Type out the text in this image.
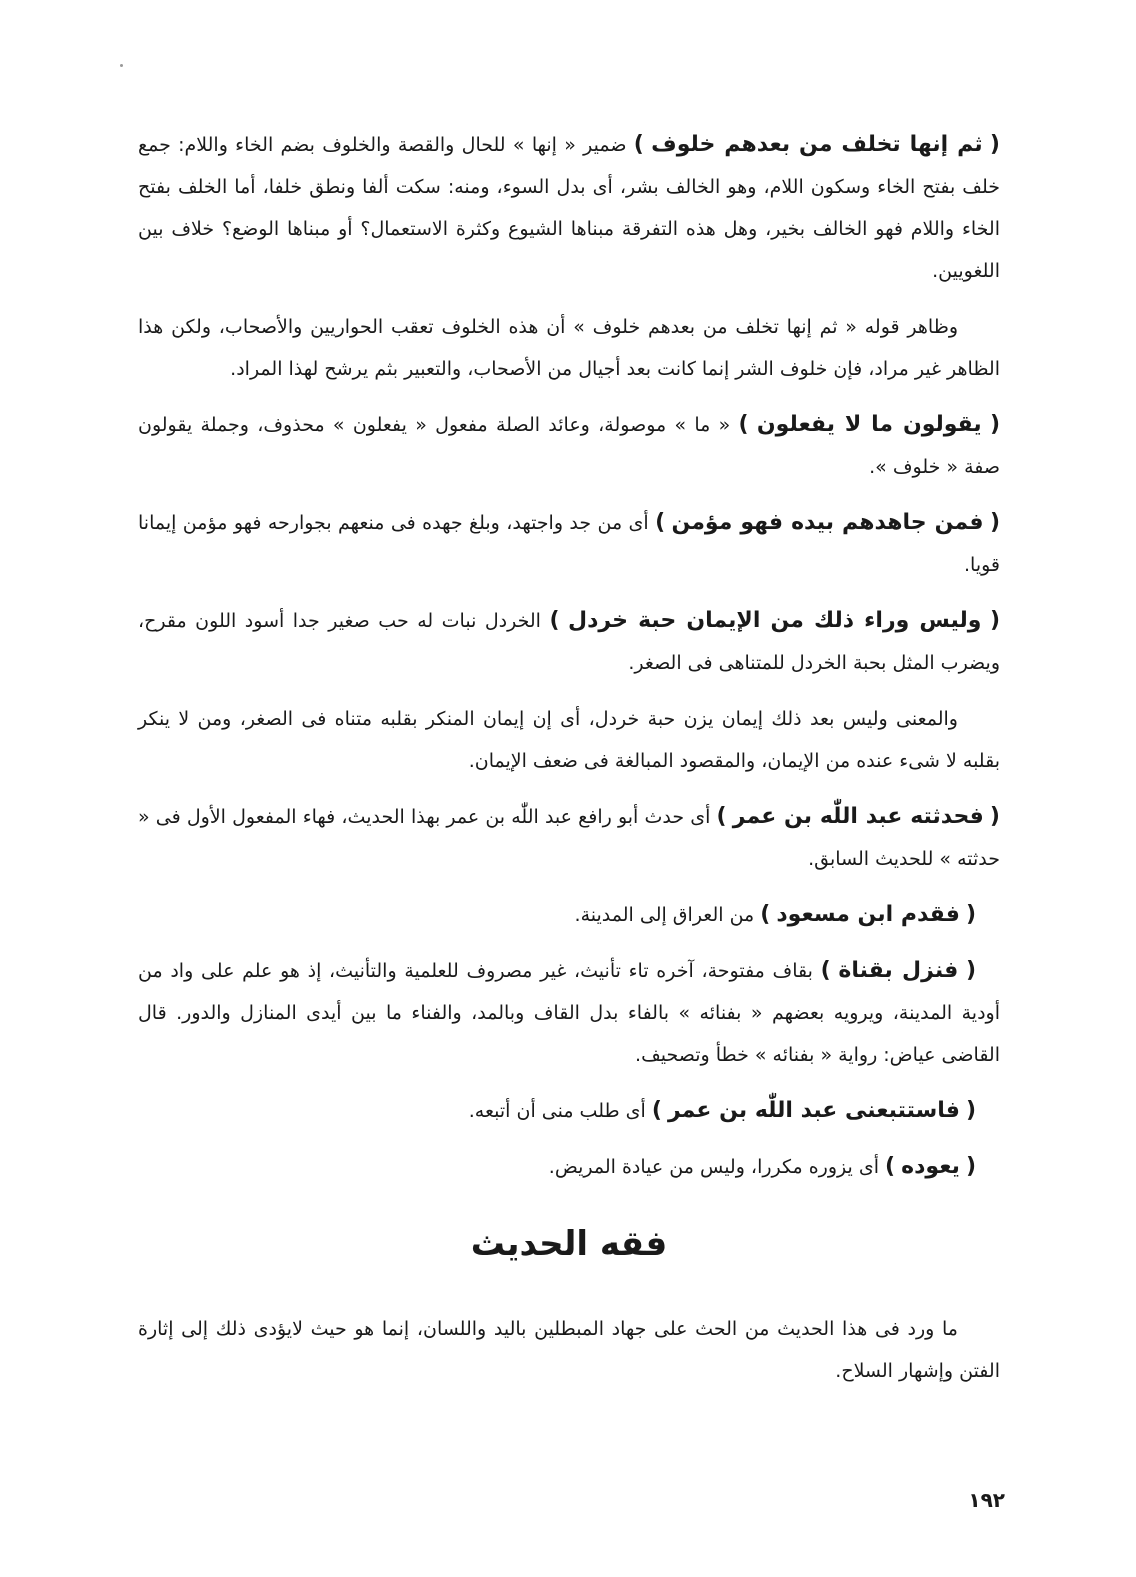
( ثم إنها تخلف من بعدهم خلوف ) ضمير « إنها » للحال والقصة والخلوف بضم الخاء واللام: جمع خلف بفتح الخاء وسكون اللام، وهو الخالف بشر، أى بدل السوء، ومنه: سكت ألفا ونطق خلفا، أما الخلف بفتح الخاء واللام فهو الخالف بخير، وهل هذه التفرقة مبناها الشيوع وكثرة الاستعمال؟ أو مبناها الوضع؟ خلاف بين اللغويين.

وظاهر قوله « ثم إنها تخلف من بعدهم خلوف » أن هذه الخلوف تعقب الحواريين والأصحاب، ولكن هذا الظاهر غير مراد، فإن خلوف الشر إنما كانت بعد أجيال من الأصحاب، والتعبير بثم يرشح لهذا المراد.

( يقولون ما لا يفعلون ) « ما » موصولة، وعائد الصلة مفعول « يفعلون » محذوف، وجملة يقولون صفة « خلوف ».

( فمن جاهدهم بيده فهو مؤمن ) أى من جد واجتهد، وبلغ جهده فى منعهم بجوارحه فهو مؤمن إيمانا قويا.

( وليس وراء ذلك من الإيمان حبة خردل ) الخردل نبات له حب صغير جدا أسود اللون مقرح، ويضرب المثل بحبة الخردل للمتناهى فى الصغر.

والمعنى وليس بعد ذلك إيمان يزن حبة خردل، أى إن إيمان المنكر بقلبه متناه فى الصغر، ومن لا ينكر بقلبه لا شىء عنده من الإيمان، والمقصود المبالغة فى ضعف الإيمان.

( فحدثته عبد اللّٰه بن عمر ) أى حدث أبو رافع عبد اللّٰه بن عمر بهذا الحديث، فهاء المفعول الأول فى « حدثته » للحديث السابق.

( فقدم ابن مسعود ) من العراق إلى المدينة.

( فنزل بقناة ) بقاف مفتوحة، آخره تاء تأنيث، غير مصروف للعلمية والتأنيث، إذ هو علم على واد من أودية المدينة، ويرويه بعضهم « بفنائه » بالفاء بدل القاف وبالمد، والفناء ما بين أيدى المنازل والدور. قال القاضى عياض: رواية « بفنائه » خطأ وتصحيف.

( فاستتبعنى عبد اللّٰه بن عمر ) أى طلب منى أن أتبعه.

( يعوده ) أى يزوره مكررا، وليس من عيادة المريض.

فقه الحديث

ما ورد فى هذا الحديث من الحث على جهاد المبطلين باليد واللسان، إنما هو حيث لايؤدى ذلك إلى إثارة الفتن وإشهار السلاح.

١٩٢
